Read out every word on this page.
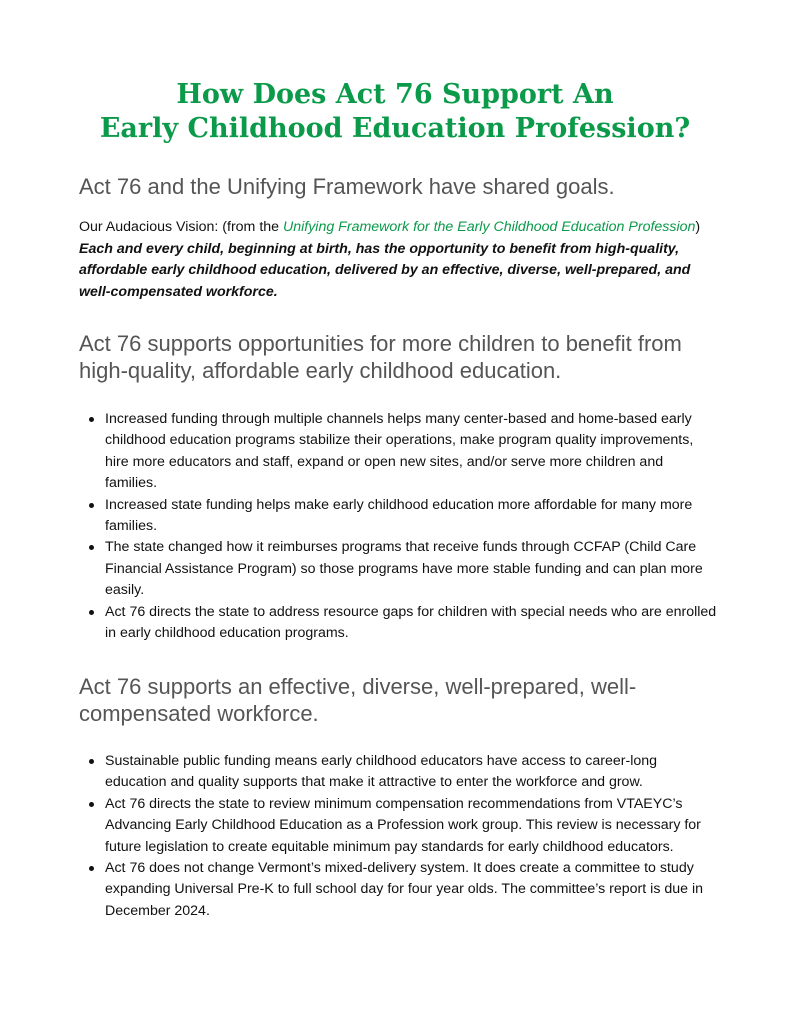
How Does Act 76 Support An
Early Childhood Education Profession?
Act 76 and the Unifying Framework have shared goals.

Our Audacious Vision: (from the Unifying Framework for the Early Childhood Education Profession) Each and every child, beginning at birth, has the opportunity to benefit from high-quality, affordable early childhood education, delivered by an effective, diverse, well-prepared, and well-compensated workforce.

Act 76 supports opportunities for more children to benefit from high-quality, affordable early childhood education.
Increased funding through multiple channels helps many center-based and home-based early childhood education programs stabilize their operations, make program quality improvements, hire more educators and staff, expand or open new sites, and/or serve more children and families.
Increased state funding helps make early childhood education more affordable for many more families.
The state changed how it reimburses programs that receive funds through CCFAP (Child Care Financial Assistance Program) so those programs have more stable funding and can plan more easily.
Act 76 directs the state to address resource gaps for children with special needs who are enrolled in early childhood education programs.
Act 76 supports an effective, diverse, well-prepared, well-compensated workforce.
Sustainable public funding means early childhood educators have access to career-long education and quality supports that make it attractive to enter the workforce and grow.
Act 76 directs the state to review minimum compensation recommendations from VTAEYC’s Advancing Early Childhood Education as a Profession work group. This review is necessary for future legislation to create equitable minimum pay standards for early childhood educators.
Act 76 does not change Vermont’s mixed-delivery system. It does create a committee to study expanding Universal Pre-K to full school day for four year olds. The committee’s report is due in December 2024.
